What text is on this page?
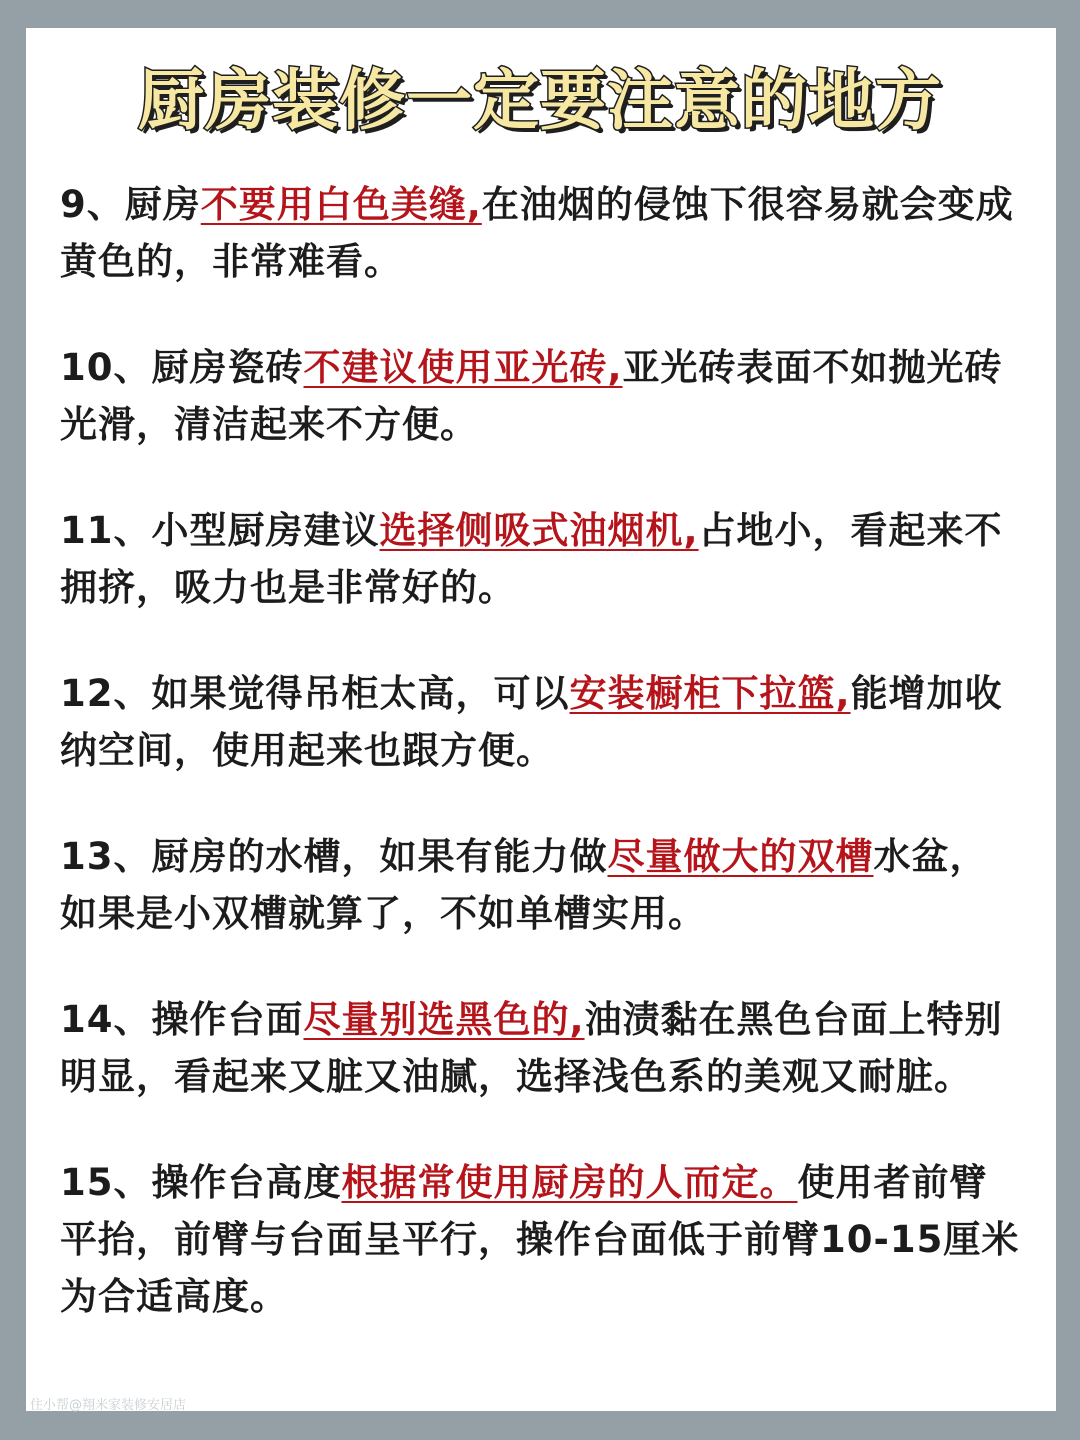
厨房装修一定要注意的地方

9、厨房不要用白色美缝,在油烟的侵蚀下很容易就会变成黄色的，非常难看。

10、厨房瓷砖不建议使用亚光砖,亚光砖表面不如抛光砖光滑，清洁起来不方便。

11、小型厨房建议选择侧吸式油烟机,占地小，看起来不拥挤，吸力也是非常好的。

12、如果觉得吊柜太高，可以安装橱柜下拉篮,能增加收纳空间，使用起来也跟方便。

13、厨房的水槽，如果有能力做尽量做大的双槽水盆，如果是小双槽就算了，不如单槽实用。

14、操作台面尽量别选黑色的,油渍黏在黑色台面上特别明显，看起来又脏又油腻，选择浅色系的美观又耐脏。

15、操作台高度根据常使用厨房的人而定。使用者前臂平抬，前臂与台面呈平行，操作台面低于前臂10-15厘米为合适高度。

住小帮@翔米家装修安居店
